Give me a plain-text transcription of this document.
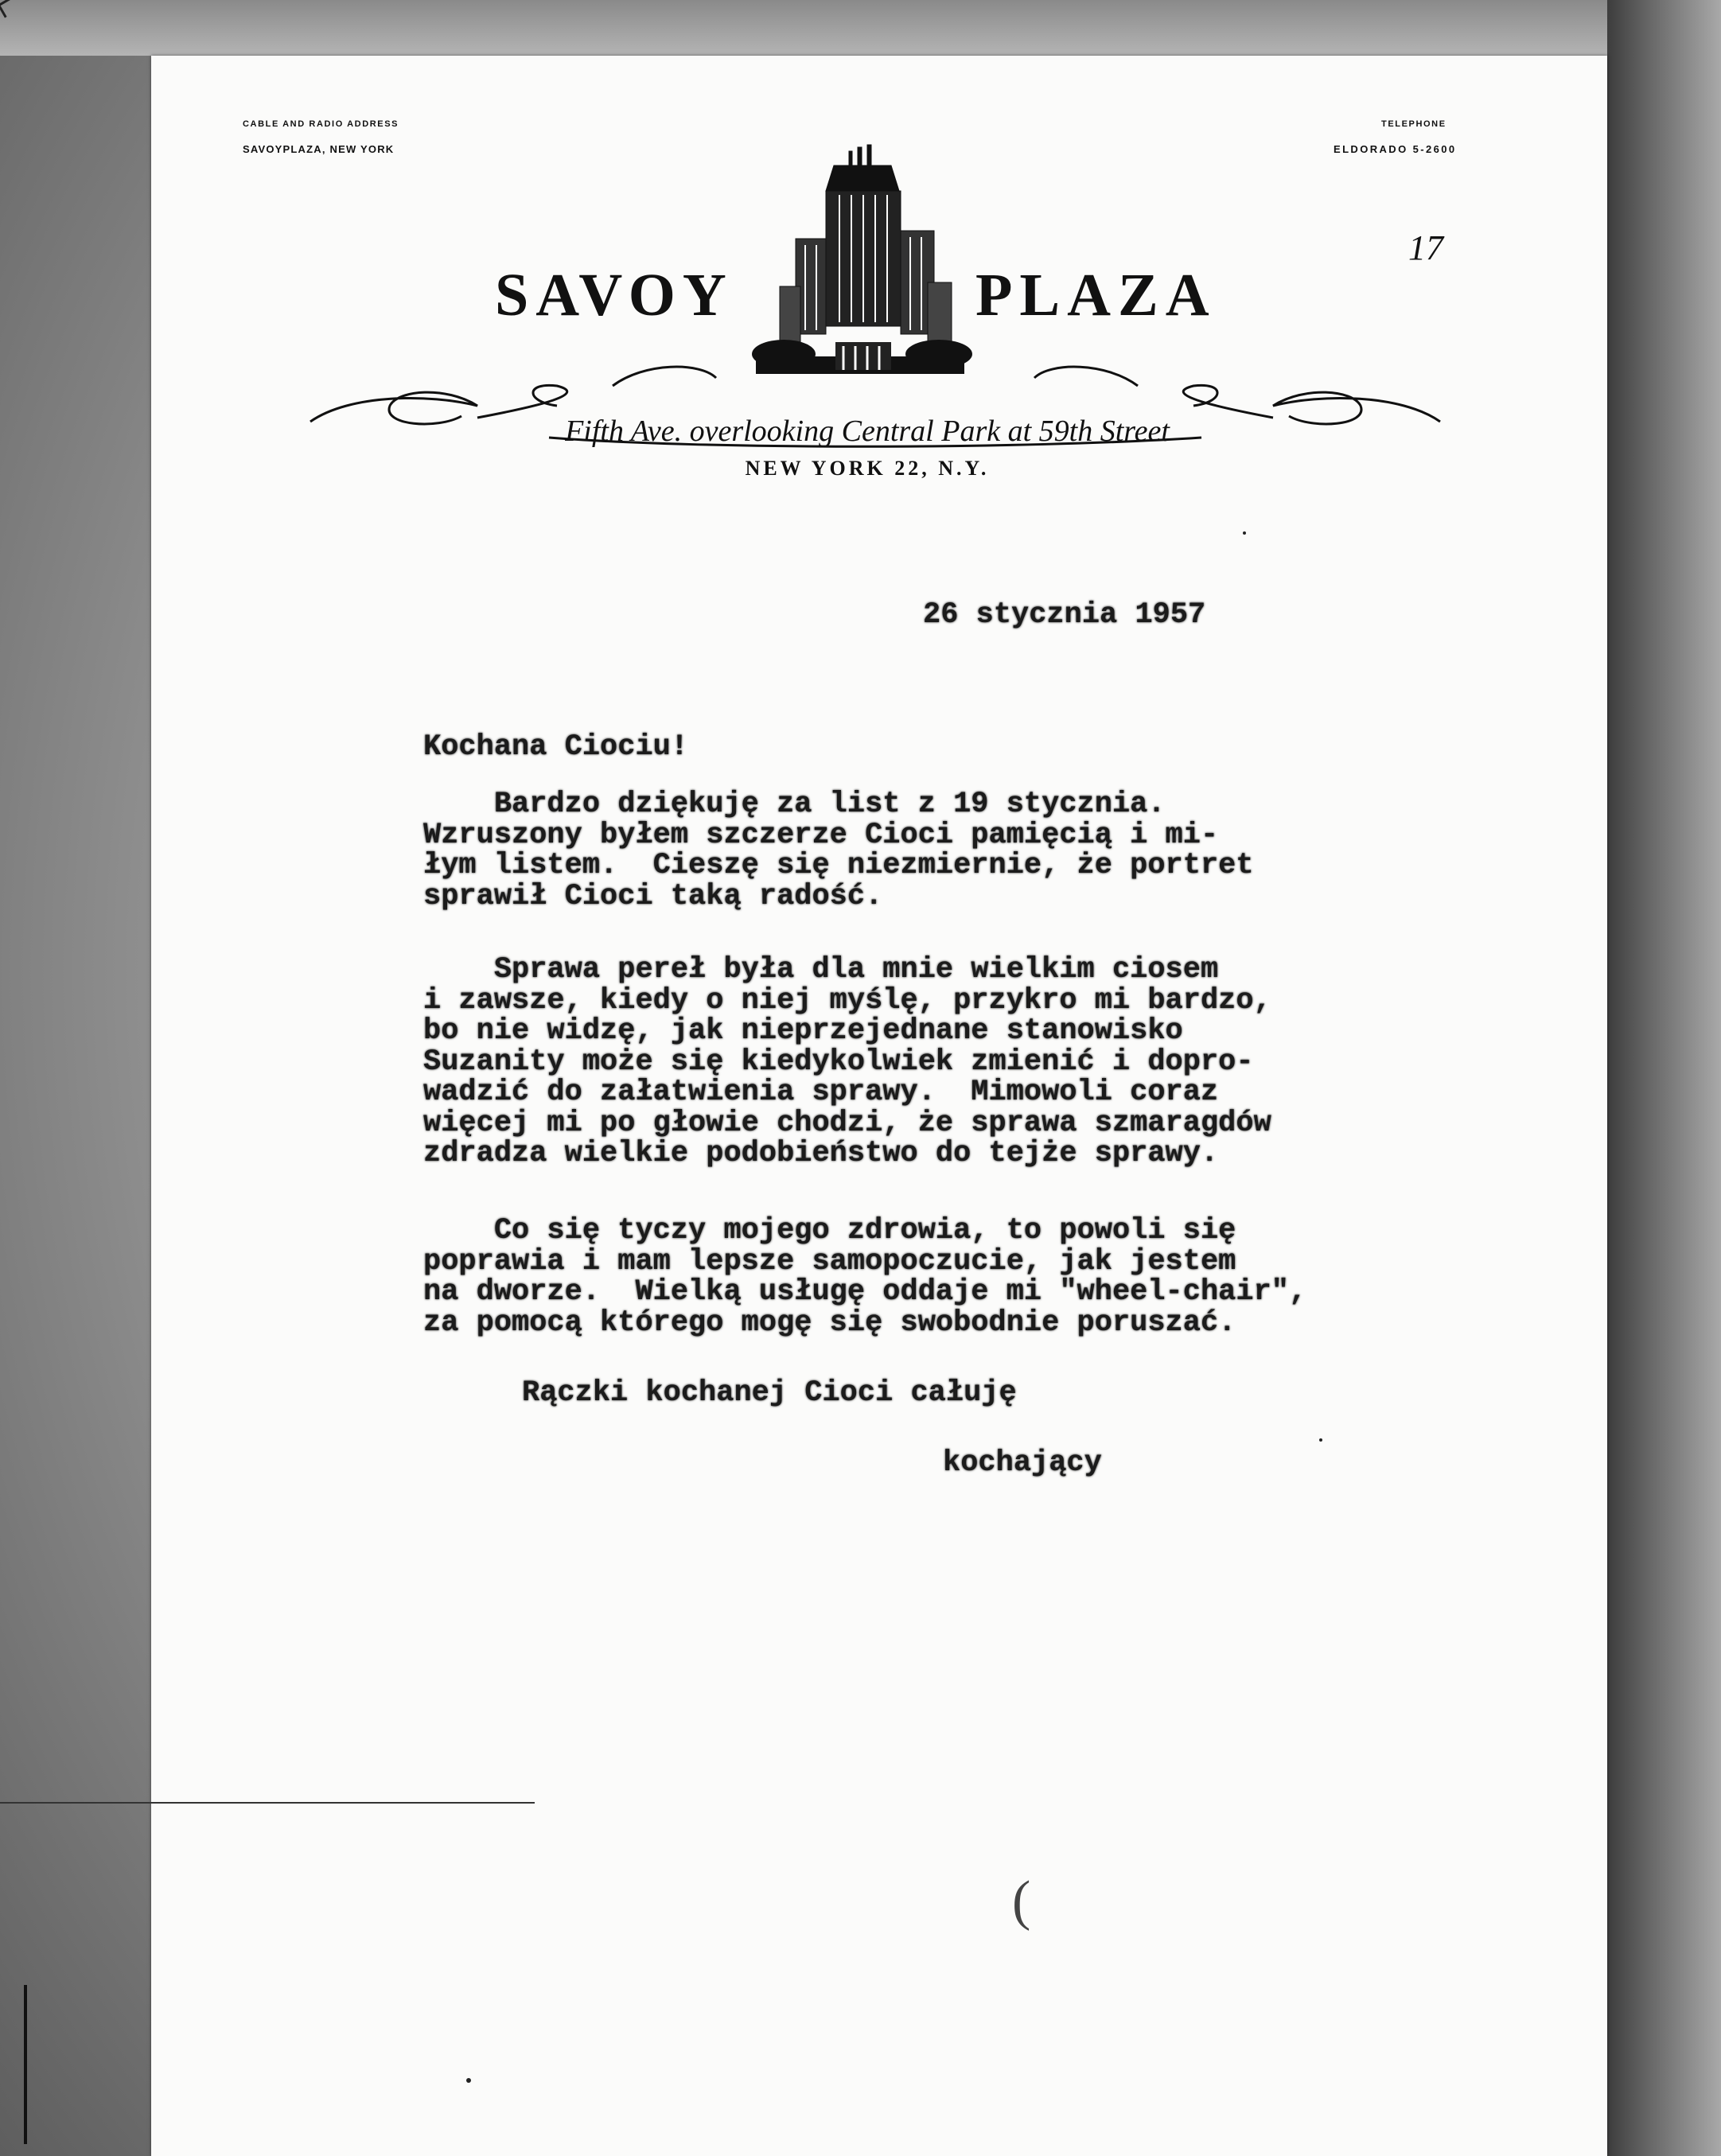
CABLE AND RADIO ADDRESS
SAVOYPLAZA, NEW YORK
TELEPHONE
ELDORADO 5-2600
SAVOY	PLAZA
Fifth Ave. overlooking Central Park at 59th Street
NEW YORK 22, N.Y.
17
26 stycznia 1957
Kochana Ciociu!
Bardzo dziękuję za list z 19 stycznia.
Wzruszony byłem szczerze Cioci pamięcią i mi-
łym listem.  Cieszę się niezmiernie, że portret
sprawił Cioci taką radość.
Sprawa pereł była dla mnie wielkim ciosem
i zawsze, kiedy o niej myślę, przykro mi bardzo,
bo nie widzę, jak nieprzejednane stanowisko
Suzanity może się kiedykolwiek zmienić i dopro-
wadzić do załatwienia sprawy.  Mimowoli coraz
więcej mi po głowie chodzi, że sprawa szmaragdów
zdradza wielkie podobieństwo do tejże sprawy.
Co się tyczy mojego zdrowia, to powoli się
poprawia i mam lepsze samopoczucie, jak jestem
na dworze.  Wielką usługę oddaje mi "wheel-chair",
za pomocą którego mogę się swobodnie poruszać.
Rączki kochanej Cioci całuję
kochający
(
